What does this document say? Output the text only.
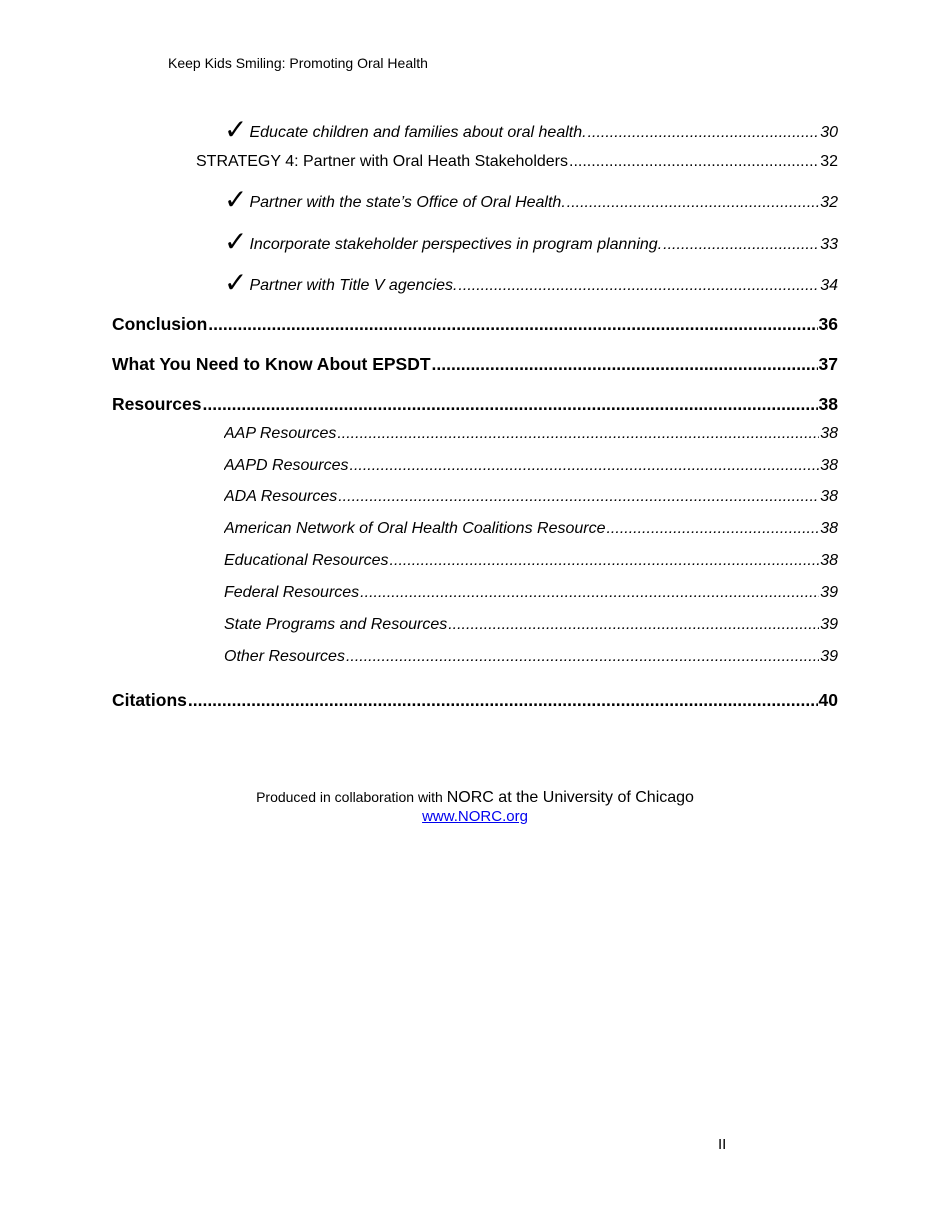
Keep Kids Smiling: Promoting Oral Health
✓ Educate children and families about oral health. .....	30
STRATEGY 4: Partner with Oral Heath Stakeholders .....	32
✓ Partner with the state’s Office of Oral Health. .....	32
✓ Incorporate stakeholder perspectives in program planning. .....	33
✓ Partner with Title V agencies. .....	34
Conclusion .....	36
What You Need to Know About EPSDT .....	37
Resources .....	38
AAP Resources .....	38
AAPD Resources .....	38
ADA Resources .....	38
American Network of Oral Health Coalitions Resource .....	38
Educational Resources .....	38
Federal Resources .....	39
State Programs and Resources .....	39
Other Resources .....	39
Citations .....	40
Produced in collaboration with NORC at the University of Chicago
www.NORC.org
II
